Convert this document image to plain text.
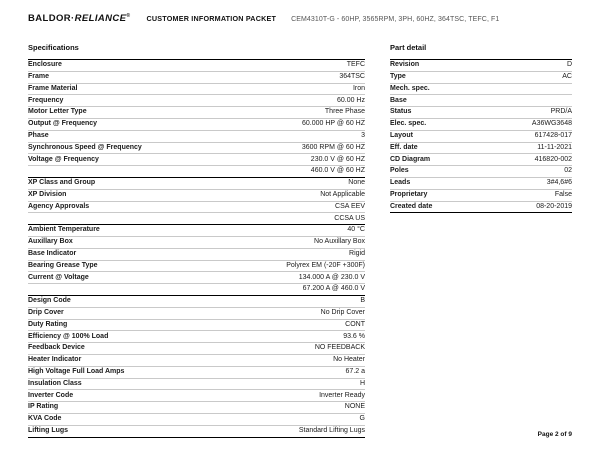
BALDOR·RELIANCE® CUSTOMER INFORMATION PACKET CEM4310T-G - 60HP, 3565RPM, 3PH, 60HZ, 364TSC, TEFC, F1
Specifications
Enclosure	TEFC
Frame	364TSC
Frame Material	Iron
Frequency	60.00 Hz
Motor Letter Type	Three Phase
Output @ Frequency	60.000 HP @ 60 HZ
Phase	3
Synchronous Speed @ Frequency	3600 RPM @ 60 HZ
Voltage @ Frequency	230.0 V @ 60 HZ
460.0 V @ 60 HZ
XP Class and Group	None
XP Division	Not Applicable
Agency Approvals	CSA EEV
CCSA US
Ambient Temperature	40 °C
Auxillary Box	No Auxillary Box
Base Indicator	Rigid
Bearing Grease Type	Polyrex EM (-20F +300F)
Current @ Voltage	134.000 A @ 230.0 V
67.200 A @ 460.0 V
Design Code	B
Drip Cover	No Drip Cover
Duty Rating	CONT
Efficiency @ 100% Load	93.6 %
Feedback Device	NO FEEDBACK
Heater Indicator	No Heater
High Voltage Full Load Amps	67.2 a
Insulation Class	H
Inverter Code	Inverter Ready
IP Rating	NONE
KVA Code	G
Lifting Lugs	Standard Lifting Lugs
Part detail
Revision	D
Type	AC
Mech. spec.
Base
Status	PRD/A
Elec. spec.	A36WG3648
Layout	617428-017
Eff. date	11-11-2021
CD Diagram	416820-002
Poles	02
Leads	3#4,6#6
Proprietary	False
Created date	08-20-2019
Page 2 of 9
